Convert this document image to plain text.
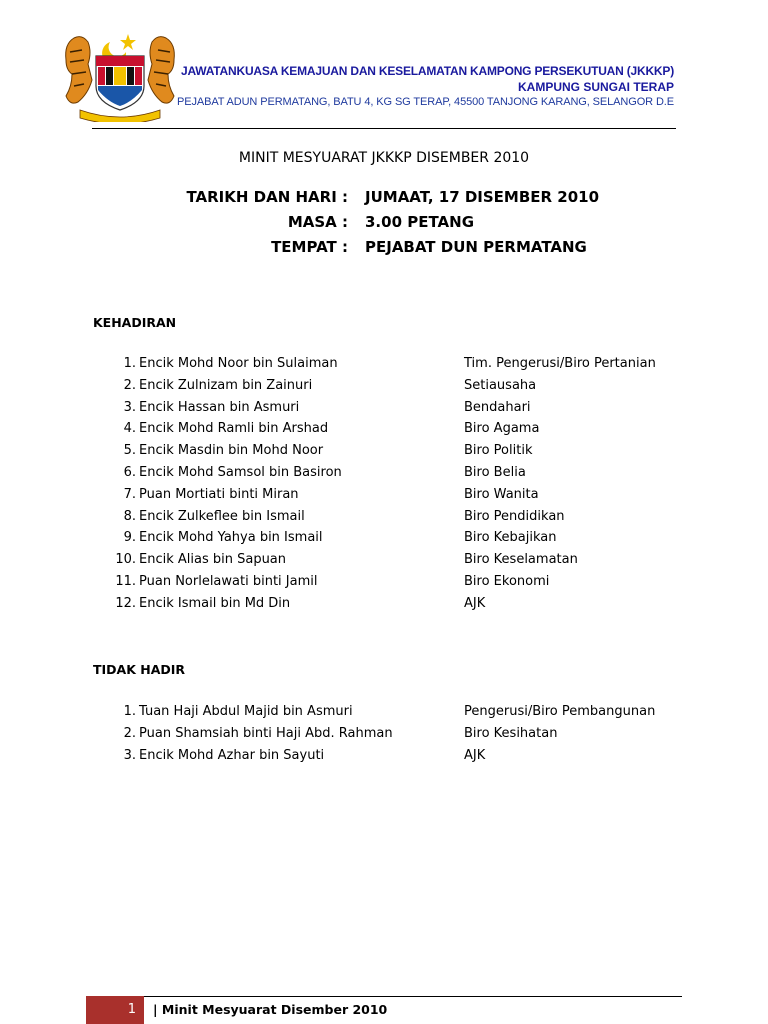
JAWATANKUASA KEMAJUAN DAN KESELAMATAN KAMPONG PERSEKUTUAN (JKKKP)
KAMPUNG SUNGAI TERAP
PEJABAT ADUN PERMATANG, BATU 4, KG SG TERAP, 45500 TANJONG KARANG, SELANGOR D.E
MINIT MESYUARAT JKKKP DISEMBER 2010
TARIKH DAN HARI : JUMAAT, 17 DISEMBER 2010
MASA : 3.00 PETANG
TEMPAT : PEJABAT DUN PERMATANG
KEHADIRAN
1. Encik Mohd Noor bin Sulaiman	Tim. Pengerusi/Biro Pertanian
2. Encik Zulnizam bin Zainuri	Setiausaha
3. Encik Hassan bin Asmuri	Bendahari
4. Encik Mohd Ramli bin Arshad	Biro Agama
5. Encik Masdin bin Mohd Noor	Biro Politik
6. Encik Mohd Samsol bin Basiron	Biro Belia
7. Puan Mortiati binti Miran	Biro Wanita
8. Encik Zulkeflee bin Ismail	Biro Pendidikan
9. Encik Mohd Yahya bin Ismail	Biro Kebajikan
10. Encik Alias bin Sapuan	Biro Keselamatan
11. Puan Norlelawati binti Jamil	Biro Ekonomi
12. Encik Ismail bin Md Din	AJK
TIDAK HADIR
1. Tuan Haji Abdul Majid bin Asmuri	Pengerusi/Biro Pembangunan
2. Puan Shamsiah binti Haji Abd. Rahman	Biro Kesihatan
3. Encik Mohd Azhar bin Sayuti	AJK
1 | Minit Mesyuarat Disember 2010
